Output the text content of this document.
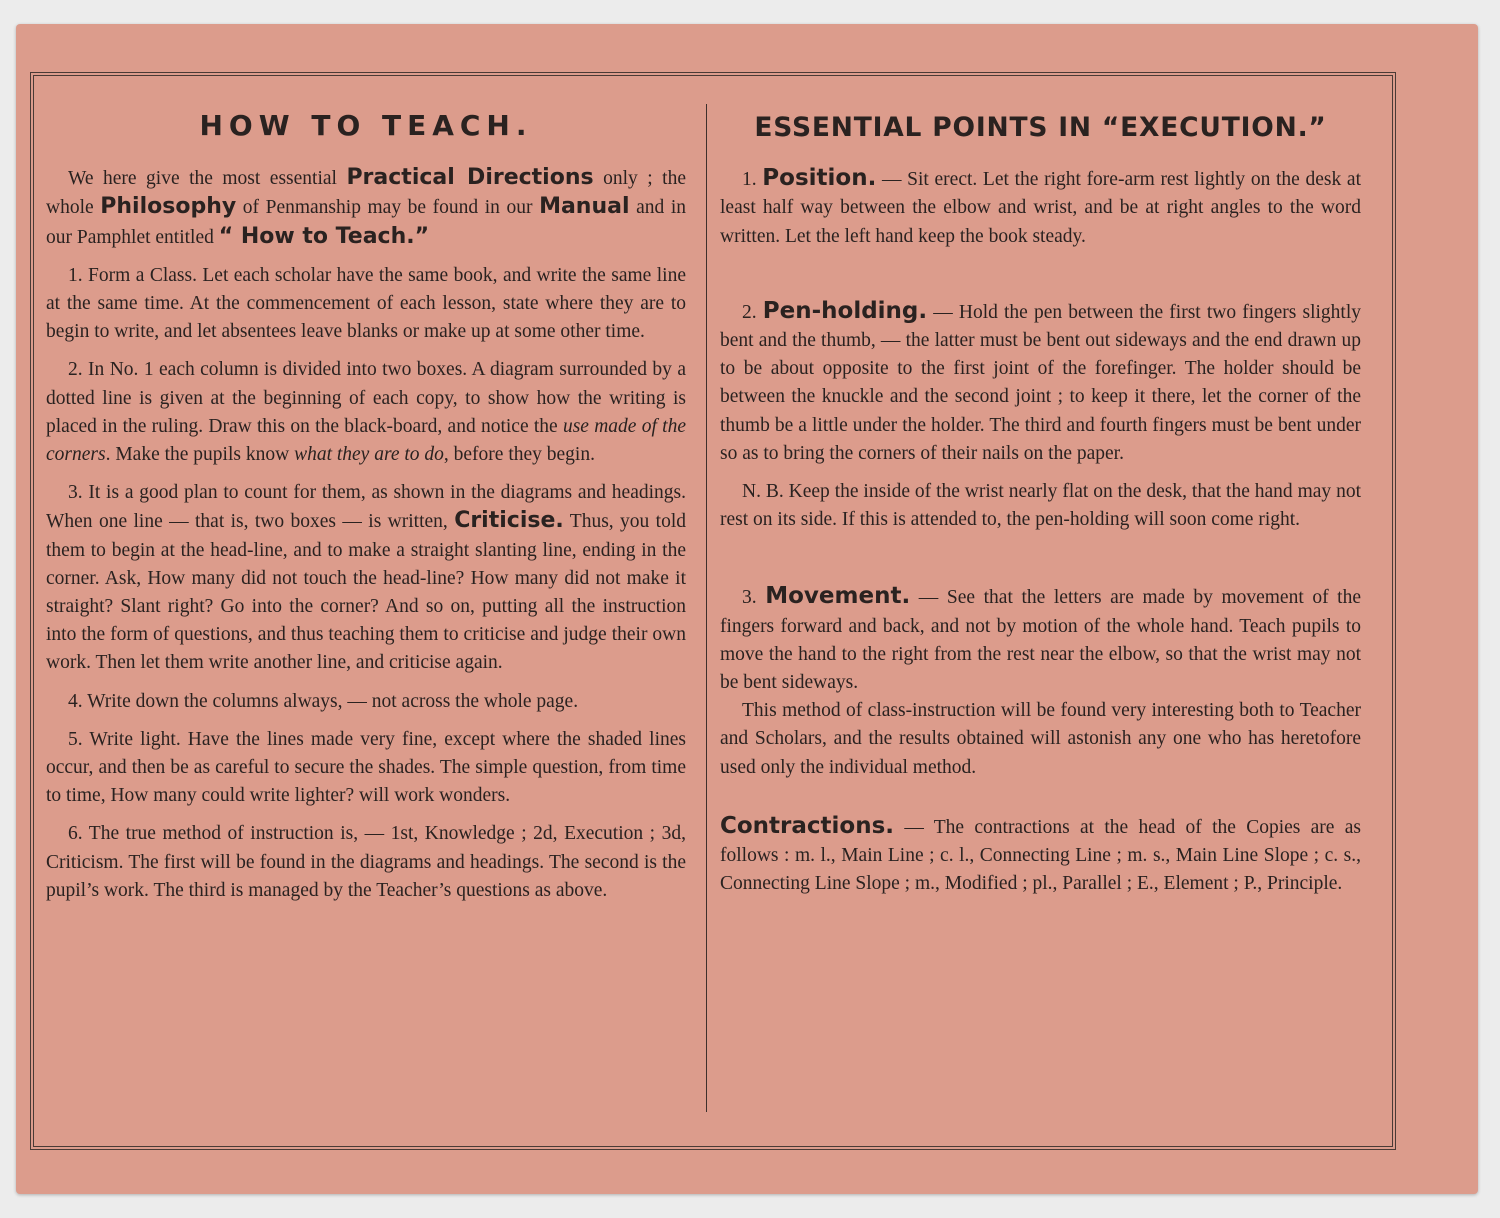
HOW TO TEACH.

We here give the most essential Practical Directions only ; the whole Philosophy of Penmanship may be found in our Manual and in our Pamphlet entitled “ How to Teach.”

1. Form a Class. Let each scholar have the same book, and write the same line at the same time. At the commencement of each lesson, state where they are to begin to write, and let absentees leave blanks or make up at some other time.

2. In No. 1 each column is divided into two boxes. A diagram surrounded by a dotted line is given at the beginning of each copy, to show how the writing is placed in the ruling. Draw this on the black-board, and notice the use made of the corners. Make the pupils know what they are to do, before they begin.

3. It is a good plan to count for them, as shown in the diagrams and headings. When one line — that is, two boxes — is written, Criticise. Thus, you told them to begin at the head-line, and to make a straight slanting line, ending in the corner. Ask, How many did not touch the head-line? How many did not make it straight? Slant right? Go into the corner? And so on, putting all the instruction into the form of questions, and thus teaching them to criticise and judge their own work. Then let them write another line, and criticise again.

4. Write down the columns always, — not across the whole page.

5. Write light. Have the lines made very fine, except where the shaded lines occur, and then be as careful to secure the shades. The simple question, from time to time, How many could write lighter? will work wonders.

6. The true method of instruction is, — 1st, Knowledge ; 2d, Execution ; 3d, Criticism. The first will be found in the diagrams and headings. The second is the pupil’s work. The third is managed by the Teacher’s questions as above.

ESSENTIAL POINTS IN “EXECUTION.”

1. Position. — Sit erect. Let the right fore-arm rest lightly on the desk at least half way between the elbow and wrist, and be at right angles to the word written. Let the left hand keep the book steady.

2. Pen-holding. — Hold the pen between the first two fingers slightly bent and the thumb, — the latter must be bent out sideways and the end drawn up to be about opposite to the first joint of the forefinger. The holder should be between the knuckle and the second joint ; to keep it there, let the corner of the thumb be a little under the holder. The third and fourth fingers must be bent under so as to bring the corners of their nails on the paper.

N. B. Keep the inside of the wrist nearly flat on the desk, that the hand may not rest on its side. If this is attended to, the pen-holding will soon come right.

3. Movement. — See that the letters are made by movement of the fingers forward and back, and not by motion of the whole hand. Teach pupils to move the hand to the right from the rest near the elbow, so that the wrist may not be bent sideways.

This method of class-instruction will be found very interesting both to Teacher and Scholars, and the results obtained will astonish any one who has heretofore used only the individual method.

Contractions. — The contractions at the head of the Copies are as follows : m. l., Main Line ; c. l., Connecting Line ; m. s., Main Line Slope ; c. s., Connecting Line Slope ; m., Modified ; pl., Parallel ; E., Element ; P., Principle.
